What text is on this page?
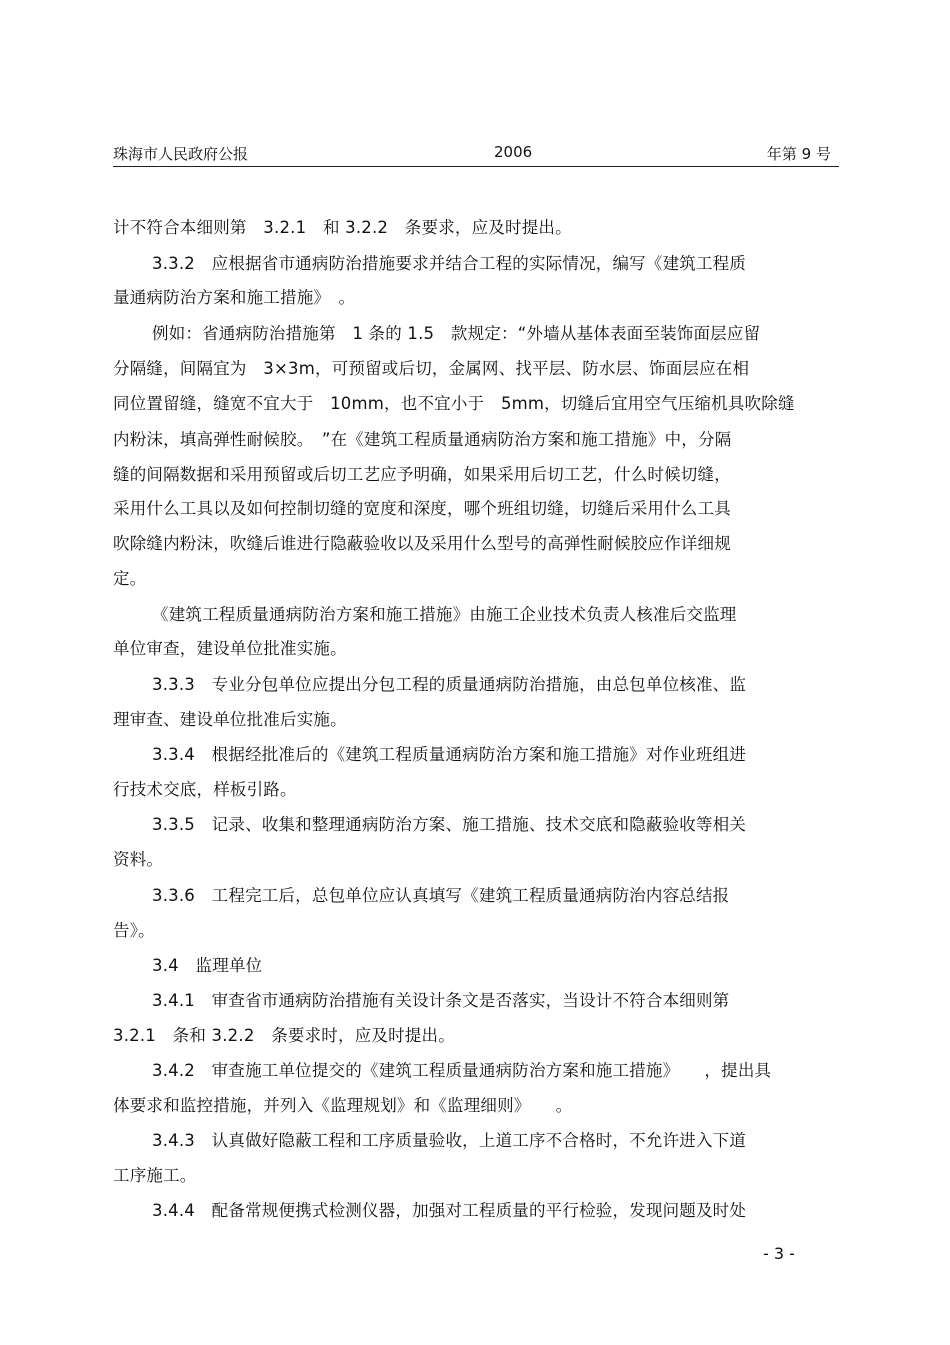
珠海市人民政府公报	2006	年第 9 号
计不符合本细则第　3.2.1　和 3.2.2　条要求，应及时提出。
3.3.2　应根据省市通病防治措施要求并结合工程的实际情况，编写《建筑工程质
量通病防治方案和施工措施》　。
例如：省通病防治措施第　1 条的 1.5　款规定：“外墙从基体表面至装饰面层应留
分隔缝，间隔宜为　3×3m，可预留或后切，金属网、找平层、防水层、饰面层应在相
同位置留缝，缝宽不宜大于　10mm，也不宜小于　5mm，切缝后宜用空气压缩机具吹除缝
内粉沫，填高弹性耐候胶。　”在《建筑工程质量通病防治方案和施工措施》中，分隔
缝的间隔数据和采用预留或后切工艺应予明确，如果采用后切工艺，什么时候切缝，
采用什么工具以及如何控制切缝的宽度和深度，哪个班组切缝，切缝后采用什么工具
吹除缝内粉沫，吹缝后谁进行隐蔽验收以及采用什么型号的高弹性耐候胶应作详细规
定。
《建筑工程质量通病防治方案和施工措施》由施工企业技术负责人核准后交监理
单位审查，建设单位批准实施。
3.3.3　专业分包单位应提出分包工程的质量通病防治措施，由总包单位核准、监
理审查、建设单位批准后实施。
3.3.4　根据经批准后的《建筑工程质量通病防治方案和施工措施》对作业班组进
行技术交底，样板引路。
3.3.5　记录、收集和整理通病防治方案、施工措施、技术交底和隐蔽验收等相关
资料。
3.3.6　工程完工后，总包单位应认真填写《建筑工程质量通病防治内容总结报
告》。
3.4　监理单位
3.4.1　审查省市通病防治措施有关设计条文是否落实，当设计不符合本细则第
3.2.1　条和 3.2.2　条要求时，应及时提出。
3.4.2　审查施工单位提交的《建筑工程质量通病防治方案和施工措施》　　，提出具
体要求和监控措施，并列入《监理规划》和《监理细则》　　。
3.4.3　认真做好隐蔽工程和工序质量验收，上道工序不合格时，不允许进入下道
工序施工。
3.4.4　配备常规便携式检测仪器，加强对工程质量的平行检验，发现问题及时处
- 3 -
